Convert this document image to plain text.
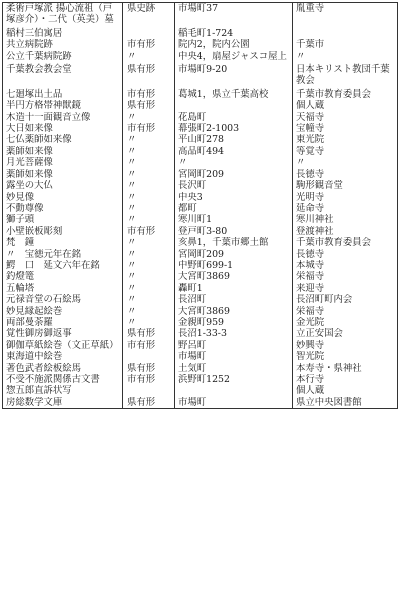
柔術戸塚派 揚心流祖（戸塚彦介）・二代（英美）墓	県史跡	市場町37	胤重寺
稲村三伯寓居		稲毛町1-724	
共立病院跡	市有形	院内2，院内公園	千葉市
公立千葉病院跡	〃	中央4，扇屋ジャスコ屋上	〃
千葉教会教会堂	県有形	市場町9-20	日本キリスト教団千葉教会
七廻塚出土品	市有形	葛城1，県立千葉高校	千葉市教育委員会
半円方格帯神獣鏡	県有形		個人蔵
木造十一面観音立像	〃	花島町	天福寺
大日如来像	市有形	幕張町2-1003	宝幢寺
七仏薬師如来像	〃	平山町278	東光院
薬師如来像	〃	高品町494	等覚寺
月光菩薩像	〃	〃	〃
薬師如来像	〃	宮岡町209	長徳寺
露坐の大仏	〃	長沢町	駒形観音堂
妙見像	〃	中央3	光明寺
不動尊像	〃	都町	延命寺
獅子頭	〃	寒川町1	寒川神社
小壁嵌板彫刻	市有形	登戸町3-80	登渡神社
梵　鐘	〃	亥鼻1，千葉市郷土館	千葉市教育委員会
〃　宝徳元年在銘	〃	宮岡町209	長徳寺
鰐　口　延文六年在銘	〃	中野町699-1	本城寺
釣燈篭	〃	大宮町3869	栄福寺
五輪塔	〃	轟町1	来迎寺
元禄音堂の石絵馬	〃	長沼町	長沼町町内会
妙見縁起絵巻	〃	大宮町3869	栄福寺
両部曼荼羅	〃	金親町959	金光院
覚性御房御返事	県有形	長沼1-33-3	立正安国会
御伽草紙絵巻（文正草紙）	市有形	野呂町	妙興寺
東海道中絵巻		市場町	智光院
著色武者絵板絵馬	県有形	土気町	本寿寺・県神社
不受不施派関係古文書	市有形	浜野町1252	本行寺
惣五郎直訴状写			個人蔵
房総数学文庫	県有形	市場町	県立中央図書館
